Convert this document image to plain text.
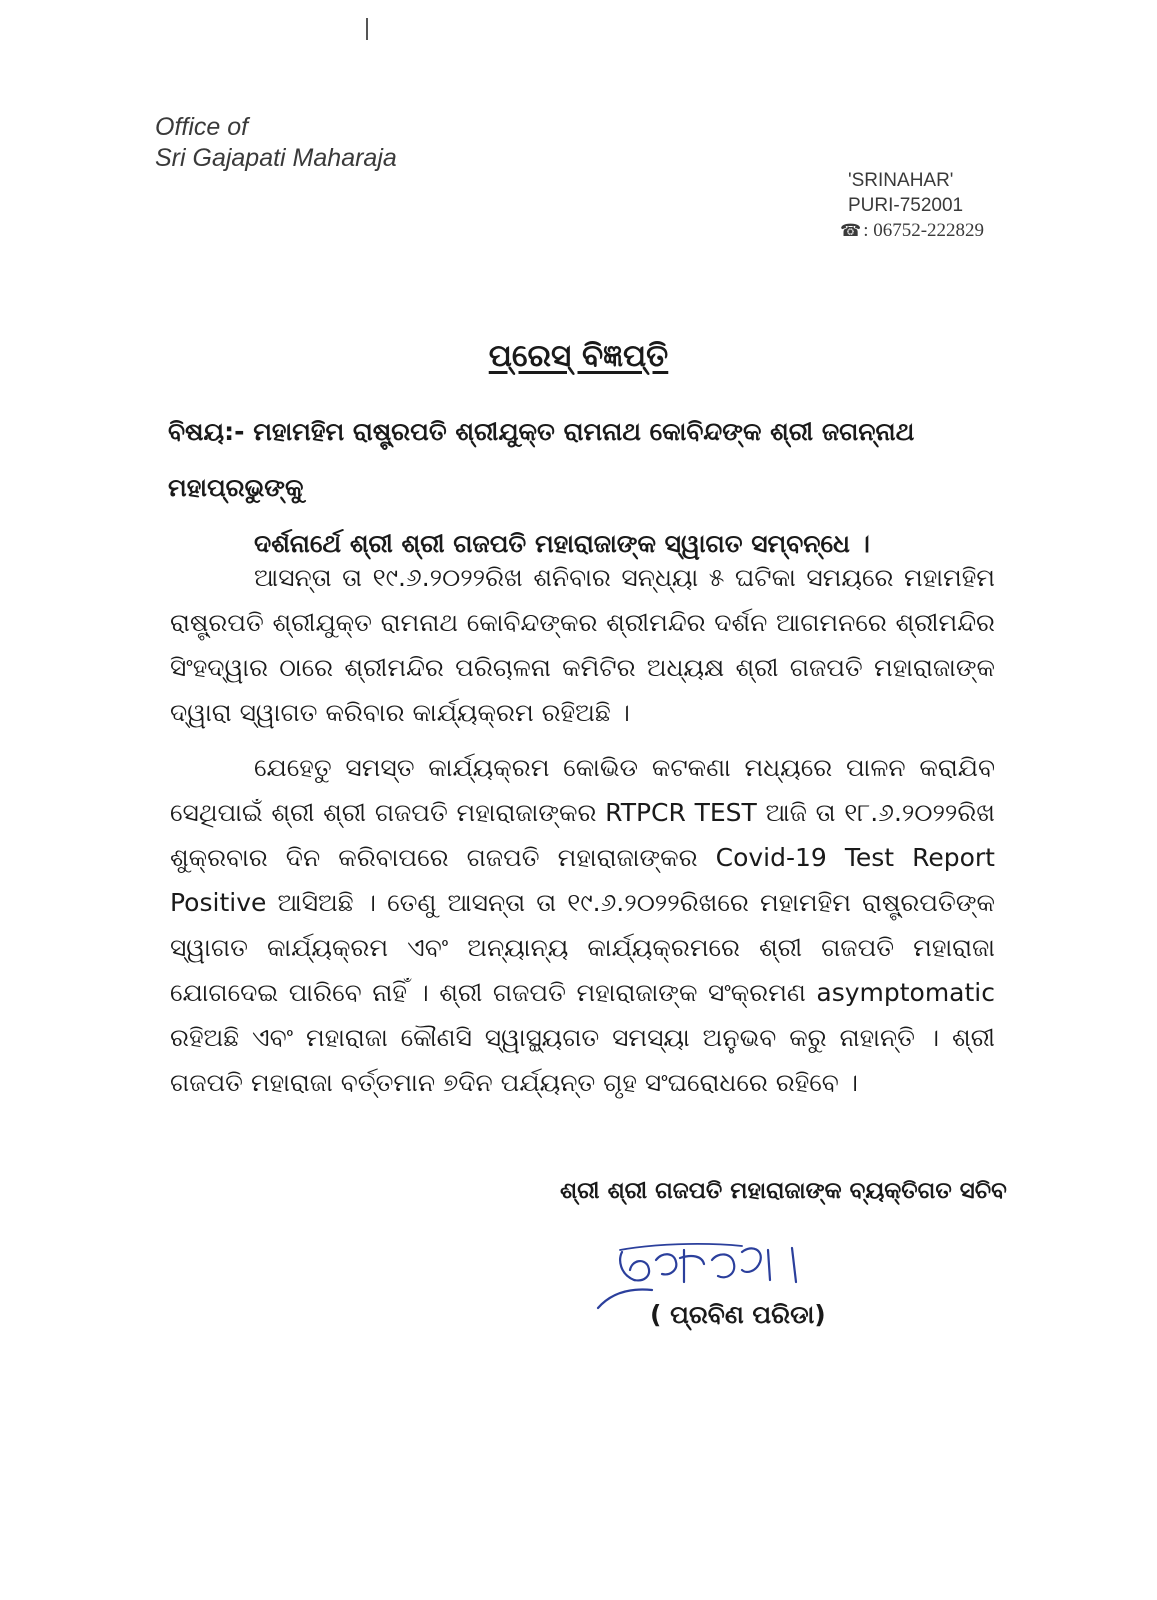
Office of
Sri Gajapati Maharaja
'SRINAHAR'
PURI-752001
☎ : 06752-222829
ପ୍ରେସ୍ ବିଜ୍ଞପ୍ତି
ବିଷୟ:- ମହାମହିମ ରାଷ୍ଟ୍ରପତି ଶ୍ରୀଯୁକ୍ତ ରାମନାଥ କୋବିନ୍ଦଙ୍କ ଶ୍ରୀ ଜଗନ୍ନାଥ ମହାପ୍ରଭୁଙ୍କୁ
ଦର୍ଶନାର୍ଥେ ଶ୍ରୀ ଶ୍ରୀ ଗଜପତି ମହାରାଜାଙ୍କ ସ୍ୱାଗତ ସମ୍ବନ୍ଧେ ।
ଆସନ୍ତା ତା ୧୯.୬.୨୦୨୨ରିଖ ଶନିବାର ସନ୍ଧ୍ୟା ୫ ଘଟିକା ସମୟରେ ମହାମହିମ ରାଷ୍ଟ୍ରପତି ଶ୍ରୀଯୁକ୍ତ ରାମନାଥ କୋବିନ୍ଦଙ୍କର ଶ୍ରୀମନ୍ଦିର ଦର୍ଶନ ଆଗମନରେ ଶ୍ରୀମନ୍ଦିର ସିଂହଦ୍ୱାର ଠାରେ ଶ୍ରୀମନ୍ଦିର ପରିଚାଳନା କମିଟିର ଅଧ୍ୟକ୍ଷ ଶ୍ରୀ ଗଜପତି ମହାରାଜାଙ୍କ ଦ୍ୱାରା ସ୍ୱାଗତ କରିବାର କାର୍ଯ୍ୟକ୍ରମ ରହିଅଛି ।
ଯେହେତୁ ସମସ୍ତ କାର୍ଯ୍ୟକ୍ରମ କୋଭିଡ କଟକଣା ମଧ୍ୟରେ ପାଳନ କରାଯିବ ସେଥିପାଇଁ ଶ୍ରୀ ଶ୍ରୀ ଗଜପତି ମହାରାଜାଙ୍କର RTPCR TEST ଆଜି ତା ୧୮.୬.୨୦୨୨ରିଖ ଶୁକ୍ରବାର ଦିନ କରିବାପରେ ଗଜପତି ମହାରାଜାଙ୍କର Covid-19 Test Report Positive ଆସିଅଛି । ତେଣୁ ଆସନ୍ତା ତା ୧୯.୬.୨୦୨୨ରିଖରେ ମହାମହିମ ରାଷ୍ଟ୍ରପତିଙ୍କ ସ୍ୱାଗତ କାର୍ଯ୍ୟକ୍ରମ ଏବଂ ଅନ୍ୟାନ୍ୟ କାର୍ଯ୍ୟକ୍ରମରେ ଶ୍ରୀ ଗଜପତି ମହାରାଜା ଯୋଗଦେଇ ପାରିବେ ନାହିଁ । ଶ୍ରୀ ଗଜପତି ମହାରାଜାଙ୍କ ସଂକ୍ରମଣ asymptomatic ରହିଅଛି ଏବଂ ମହାରାଜା କୌଣସି ସ୍ୱାସ୍ଥ୍ୟଗତ ସମସ୍ୟା ଅନୁଭବ କରୁ ନାହାନ୍ତି । ଶ୍ରୀ ଗଜପତି ମହାରାଜା ବର୍ତ୍ତମାନ ୭ଦିନ ପର୍ଯ୍ୟନ୍ତ ଗୃହ ସଂଘରୋଧରେ ରହିବେ ।
ଶ୍ରୀ ଶ୍ରୀ ଗଜପତି ମହାରାଜାଙ୍କ ବ୍ୟକ୍ତିଗତ ସଚିବ
( ପ୍ରବିଣ ପରିଡା)
